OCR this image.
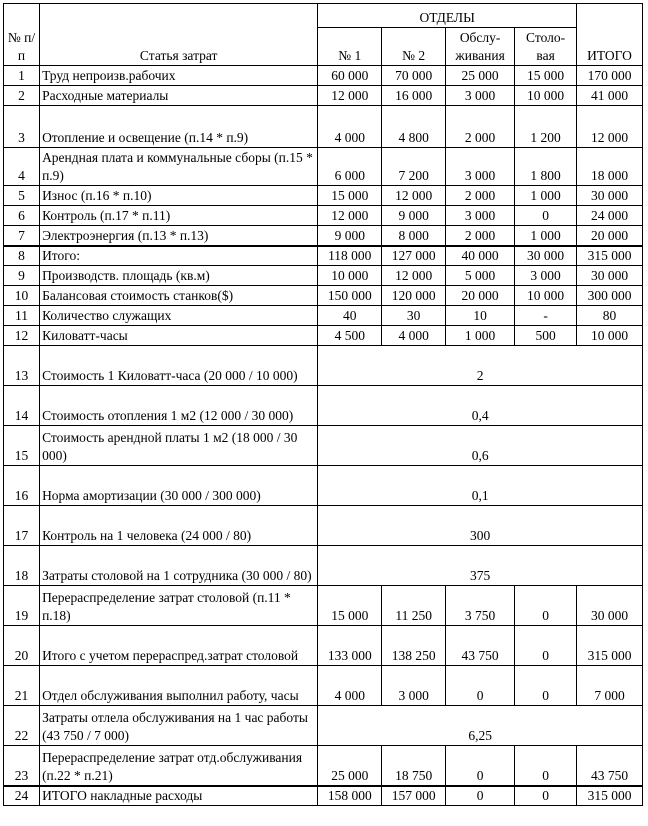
№ п/п	Статья затрат	ОТДЕЛЫ				ИТОГО
		№ 1	№ 2	Обслу-живания	Столо-вая	
1	Труд непроизв.рабочих	60 000	70 000	25 000	15 000	170 000
2	Расходные материалы	12 000	16 000	3 000	10 000	41 000
3	Отопление и освещение (п.14 * п.9)	4 000	4 800	2 000	1 200	12 000
4	Арендная плата и коммунальные сборы (п.15 * п.9)	6 000	7 200	3 000	1 800	18 000
5	Износ (п.16 * п.10)	15 000	12 000	2 000	1 000	30 000
6	Контроль (п.17 * п.11)	12 000	9 000	3 000	0	24 000
7	Электроэнергия (п.13 * п.13)	9 000	8 000	2 000	1 000	20 000
8	Итого:	118 000	127 000	40 000	30 000	315 000
9	Производств. площадь (кв.м)	10 000	12 000	5 000	3 000	30 000
10	Балансовая стоимость станков($)	150 000	120 000	20 000	10 000	300 000
11	Количество служащих	40	30	10	-	80
12	Киловатт-часы	4 500	4 000	1 000	500	10 000
13	Стоимость 1 Киловатт-часа (20 000 / 10 000)	2				
14	Стоимость отопления 1 м2 (12 000 / 30 000)	0,4				
15	Стоимость арендной платы 1 м2 (18 000 / 30 000)	0,6				
16	Норма амортизации (30 000 / 300 000)	0,1				
17	Контроль на 1 человека (24 000 / 80)	300				
18	Затраты столовой на 1 сотрудника (30 000 / 80)	375				
19	Перераспределение затрат столовой (п.11 * п.18)	15 000	11 250	3 750	0	30 000
20	Итого с учетом перераспред.затрат столовой	133 000	138 250	43 750	0	315 000
21	Отдел обслуживания выполнил работу, часы	4 000	3 000	0	0	7 000
22	Затраты отлела обслуживания на 1 час работы (43 750 / 7 000)	6,25				
23	Перераспределение затрат отд.обслуживания (п.22 * п.21)	25 000	18 750	0	0	43 750
24	ИТОГО накладные расходы	158 000	157 000	0	0	315 000
